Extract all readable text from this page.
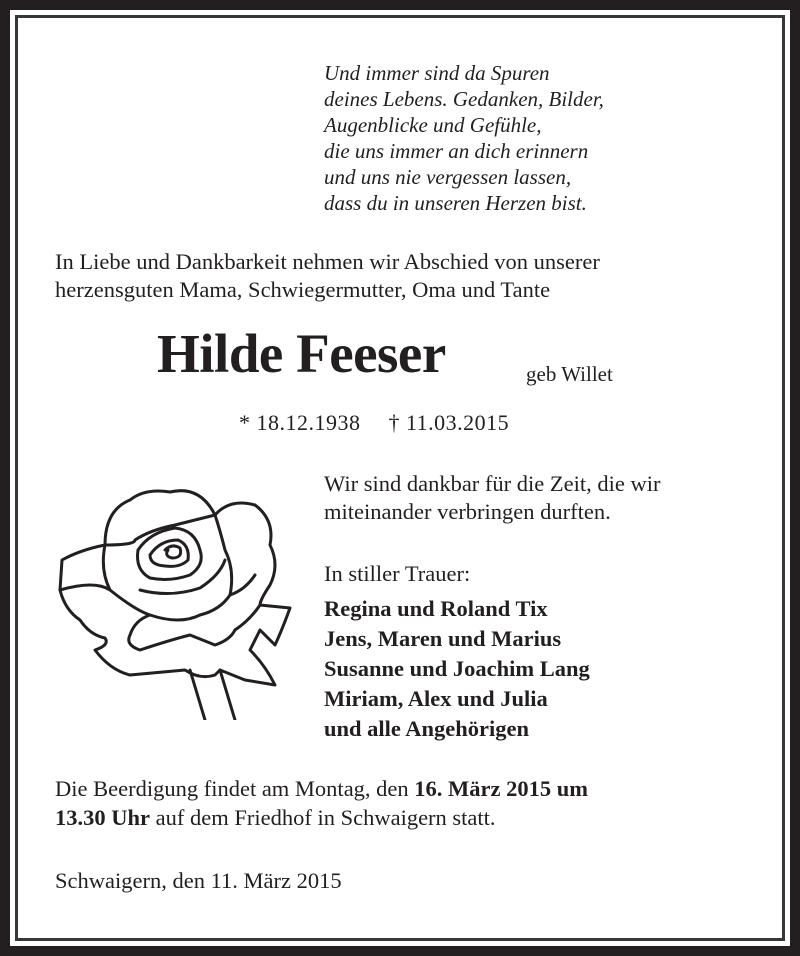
Und immer sind da Spuren
deines Lebens. Gedanken, Bilder,
Augenblicke und Gefühle,
die uns immer an dich erinnern
und uns nie vergessen lassen,
dass du in unseren Herzen bist.
In Liebe und Dankbarkeit nehmen wir Abschied von unserer
herzensguten Mama, Schwiegermutter, Oma und Tante
Hilde Feeser	geb Willet
* 18.12.1938 † 11.03.2015
Wir sind dankbar für die Zeit, die wir
miteinander verbringen durften.
In stiller Trauer:
Regina und Roland Tix
Jens, Maren und Marius
Susanne und Joachim Lang
Miriam, Alex und Julia
und alle Angehörigen
Die Beerdigung findet am Montag, den 16. März 2015 um
13.30 Uhr auf dem Friedhof in Schwaigern statt.
Schwaigern, den 11. März 2015
